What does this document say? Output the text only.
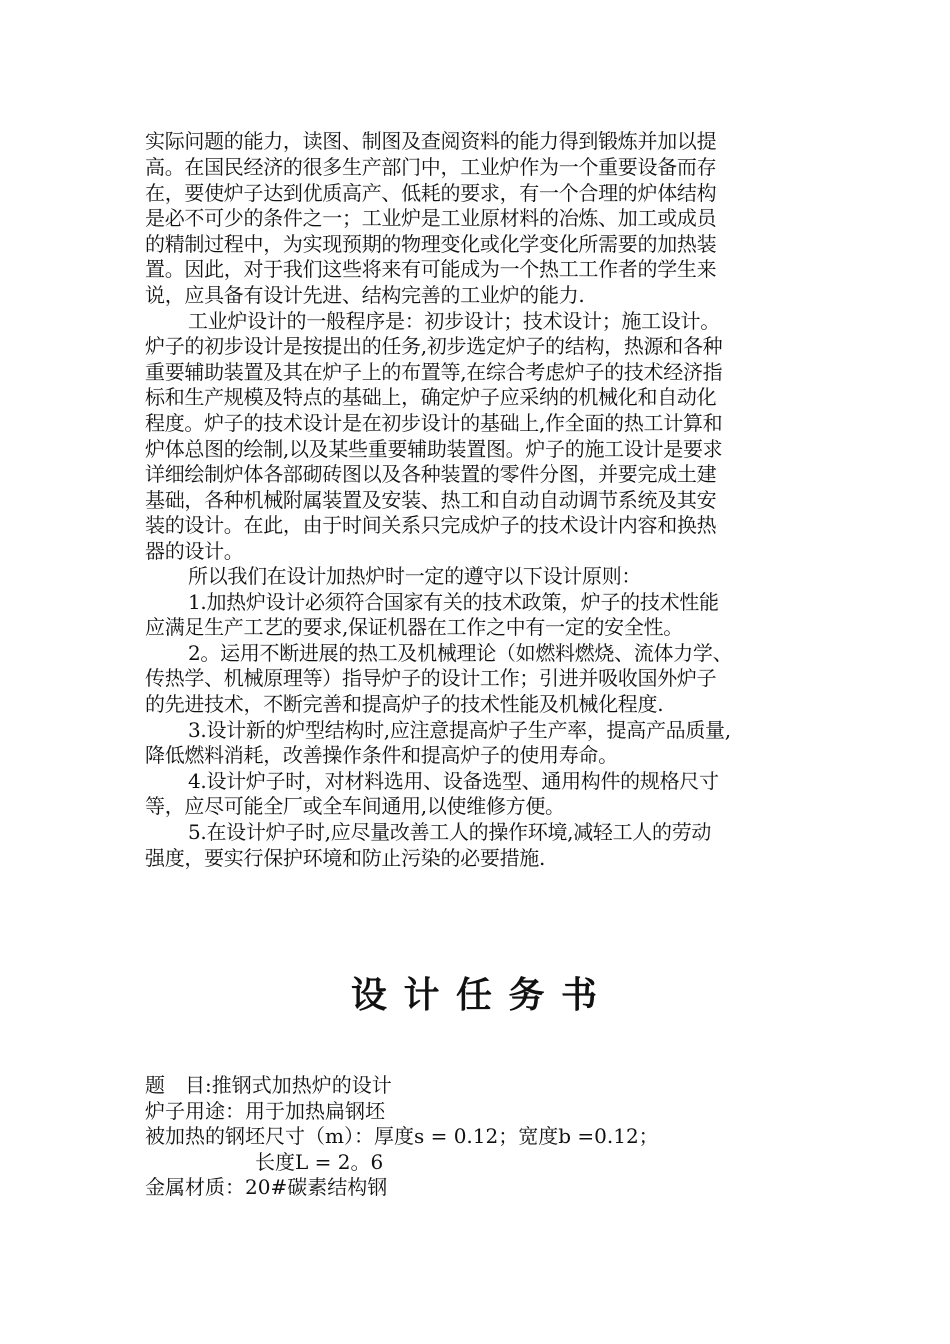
实际问题的能力，读图、制图及查阅资料的能力得到锻炼并加以提
高。在国民经济的很多生产部门中，工业炉作为一个重要设备而存
在，要使炉子达到优质高产、低耗的要求，有一个合理的炉体结构
是必不可少的条件之一；工业炉是工业原材料的冶炼、加工或成员
的精制过程中，为实现预期的物理变化或化学变化所需要的加热装
置。因此，对于我们这些将来有可能成为一个热工工作者的学生来
说，应具备有设计先进、结构完善的工业炉的能力.
工业炉设计的一般程序是：初步设计；技术设计；施工设计。
炉子的初步设计是按提出的任务,初步选定炉子的结构，热源和各种
重要辅助装置及其在炉子上的布置等,在综合考虑炉子的技术经济指
标和生产规模及特点的基础上，确定炉子应采纳的机械化和自动化
程度。炉子的技术设计是在初步设计的基础上,作全面的热工计算和
炉体总图的绘制,以及某些重要辅助装置图。炉子的施工设计是要求
详细绘制炉体各部砌砖图以及各种装置的零件分图，并要完成土建
基础，各种机械附属装置及安装、热工和自动自动调节系统及其安
装的设计。在此，由于时间关系只完成炉子的技术设计内容和换热
器的设计。
所以我们在设计加热炉时一定的遵守以下设计原则：
1.加热炉设计必须符合国家有关的技术政策，炉子的技术性能
应满足生产工艺的要求,保证机器在工作之中有一定的安全性。
2。运用不断进展的热工及机械理论（如燃料燃烧、流体力学、
传热学、机械原理等）指导炉子的设计工作；引进并吸收国外炉子
的先进技术，不断完善和提高炉子的技术性能及机械化程度.
3.设计新的炉型结构时,应注意提高炉子生产率，提高产品质量,
降低燃料消耗，改善操作条件和提高炉子的使用寿命。
4.设计炉子时，对材料选用、设备选型、通用构件的规格尺寸
等，应尽可能全厂或全车间通用,以使维修方便。
5.在设计炉子时,应尽量改善工人的操作环境,减轻工人的劳动
强度，要实行保护环境和防止污染的必要措施.
设 计 任 务 书
题　目:推钢式加热炉的设计
炉子用途：用于加热扁钢坯
被加热的钢坯尺寸（m）：厚度s = 0.12；宽度b =0.12；
长度L = 2。6
金属材质：20#碳素结构钢
